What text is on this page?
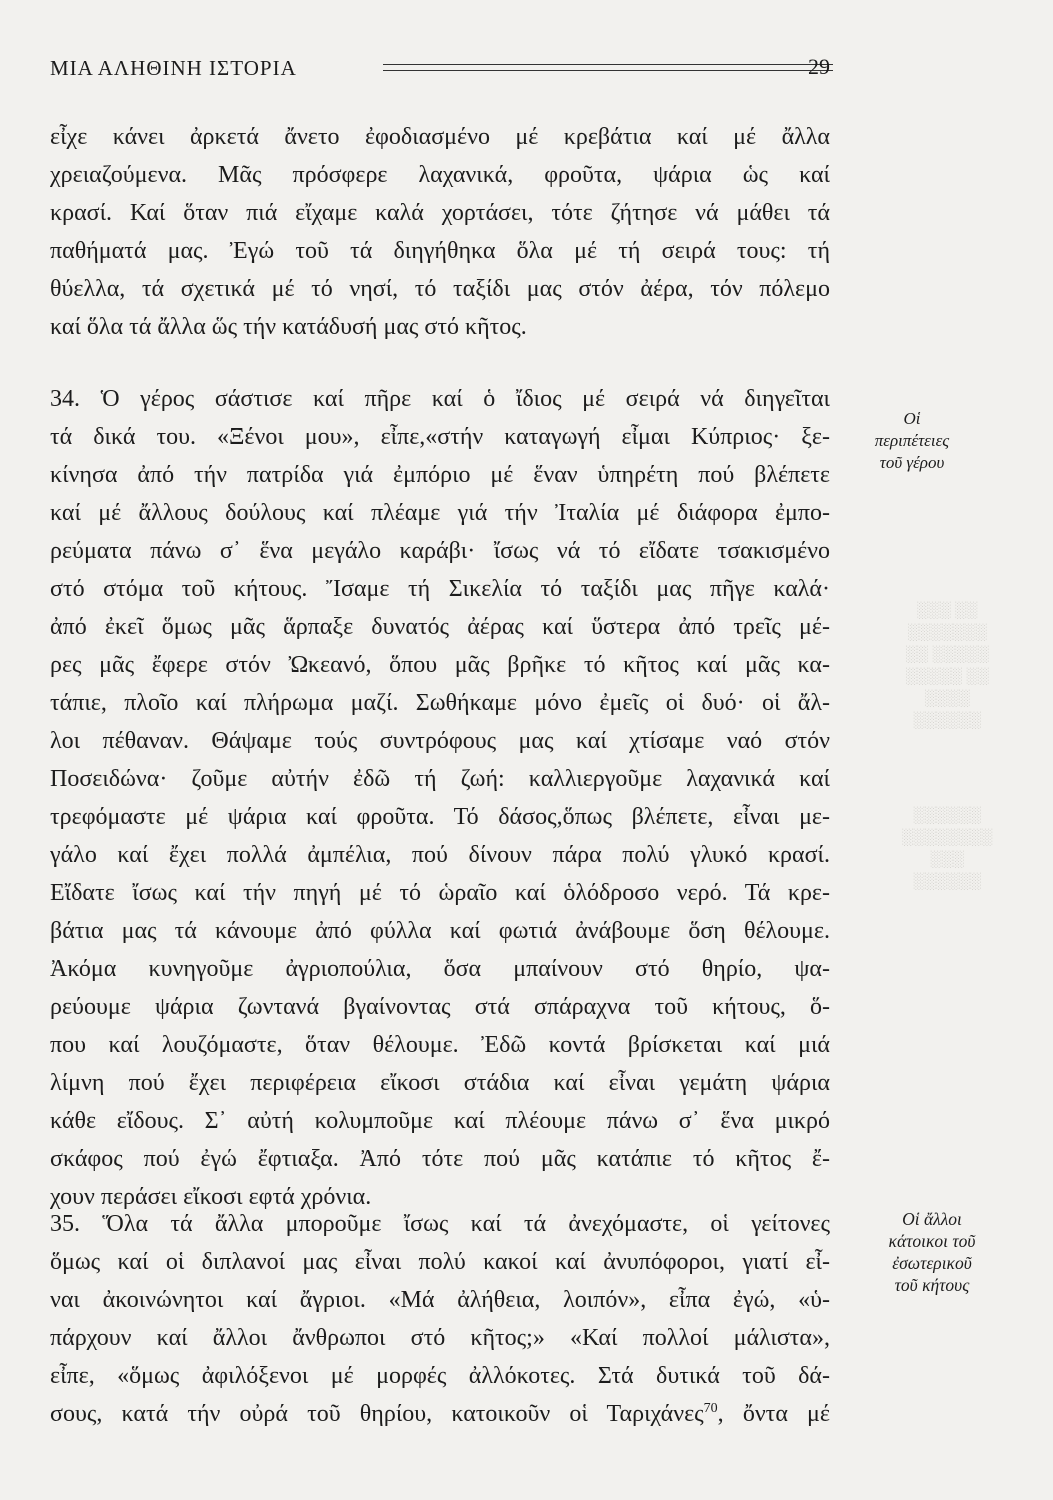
ΜΙΑ ΑΛΗΘΙΝΗ ΙΣΤΟΡΙΑ	29
εἶχε κάνει ἀρκετά ἄνετο ἐφοδιασμένο μέ κρεβάτια καί μέ ἄλλα
χρειαζούμενα. Μᾶς πρόσφερε λαχανικά, φροῦτα, ψάρια ὡς καί
κρασί. Καί ὅταν πιά εἴχαμε καλά χορτάσει, τότε ζήτησε νά μάθει τά
παθήματά μας. Ἐγώ τοῦ τά διηγήθηκα ὅλα μέ τή σειρά τους: τή
θύελλα, τά σχετικά μέ τό νησί, τό ταξίδι μας στόν ἀέρα, τόν πόλεμο
καί ὅλα τά ἄλλα ὥς τήν κατάδυσή μας στό κῆτος.
34. Ὁ γέρος σάστισε καί πῆρε καί ὁ ἴδιος μέ σειρά νά διηγεῖται
τά δικά του. «Ξένοι μου», εἶπε,«στήν καταγωγή εἶμαι Κύπριος· ξε-
κίνησα ἀπό τήν πατρίδα γιά ἐμπόριο μέ ἕναν ὑπηρέτη πού βλέπετε
καί μέ ἄλλους δούλους καί πλέαμε γιά τήν Ἰταλία μέ διάφορα ἐμπο-
ρεύματα πάνω σ᾽ ἕνα μεγάλο καράβι· ἴσως νά τό εἴδατε τσακισμένο
στό στόμα τοῦ κήτους. Ἴσαμε τή Σικελία τό ταξίδι μας πῆγε καλά·
ἀπό ἐκεῖ ὅμως μᾶς ἅρπαξε δυνατός ἀέρας καί ὕστερα ἀπό τρεῖς μέ-
ρες μᾶς ἔφερε στόν Ὠκεανό, ὅπου μᾶς βρῆκε τό κῆτος καί μᾶς κα-
τάπιε, πλοῖο καί πλήρωμα μαζί. Σωθήκαμε μόνο ἐμεῖς οἱ δυό· οἱ ἄλ-
λοι πέθαναν. Θάψαμε τούς συντρόφους μας καί χτίσαμε ναό στόν
Ποσειδώνα· ζοῦμε αὐτήν ἐδῶ τή ζωή: καλλιεργοῦμε λαχανικά καί
τρεφόμαστε μέ ψάρια καί φροῦτα. Τό δάσος,ὅπως βλέπετε, εἶναι με-
γάλο καί ἔχει πολλά ἀμπέλια, πού δίνουν πάρα πολύ γλυκό κρασί.
Εἴδατε ἴσως καί τήν πηγή μέ τό ὡραῖο καί ὁλόδροσο νερό. Τά κρε-
βάτια μας τά κάνουμε ἀπό φύλλα καί φωτιά ἀνάβουμε ὅση θέλουμε.
Ἀκόμα κυνηγοῦμε ἀγριοπούλια, ὅσα μπαίνουν στό θηρίο, ψα-
ρεύουμε ψάρια ζωντανά βγαίνοντας στά σπάραχνα τοῦ κήτους, ὅ-
που καί λουζόμαστε, ὅταν θέλουμε. Ἐδῶ κοντά βρίσκεται καί μιά
λίμνη πού ἔχει περιφέρεια εἴκοσι στάδια καί εἶναι γεμάτη ψάρια
κάθε εἴδους. Σ᾽ αὐτή κολυμποῦμε καί πλέουμε πάνω σ᾽ ἕνα μικρό
σκάφος πού ἐγώ ἔφτιαξα. Ἀπό τότε πού μᾶς κατάπιε τό κῆτος ἔ-
χουν περάσει εἴκοσι εφτά χρόνια.
35. Ὅλα τά ἄλλα μποροῦμε ἴσως καί τά ἀνεχόμαστε, οἱ γείτονες
ὅμως καί οἱ διπλανοί μας εἶναι πολύ κακοί καί ἀνυπόφοροι, γιατί εἶ-
ναι ἀκοινώνητοι καί ἄγριοι. «Μά ἀλήθεια, λοιπόν», εἶπα ἐγώ, «ὑ-
πάρχουν καί ἄλλοι ἄνθρωποι στό κῆτος;» «Καί πολλοί μάλιστα»,
εἶπε, «ὅμως ἀφιλόξενοι μέ μορφές ἀλλόκοτες. Στά δυτικά τοῦ δά-
σους, κατά τήν οὐρά τοῦ θηρίου, κατοικοῦν οἱ Ταριχάνες$^{70}$, ὄντα μέ
Οἱ
περιπέτειες
τοῦ γέρου
Οἱ ἄλλοι
κάτοικοι τοῦ
ἐσωτερικοῦ
τοῦ κήτους
░░░ ░░
░░░░░░░
░░ ░░░░░
░░░░░ ░░
░░░░
░░░░░░
░░░░░░
░░░░░░░░
░░░
░░░░░░
